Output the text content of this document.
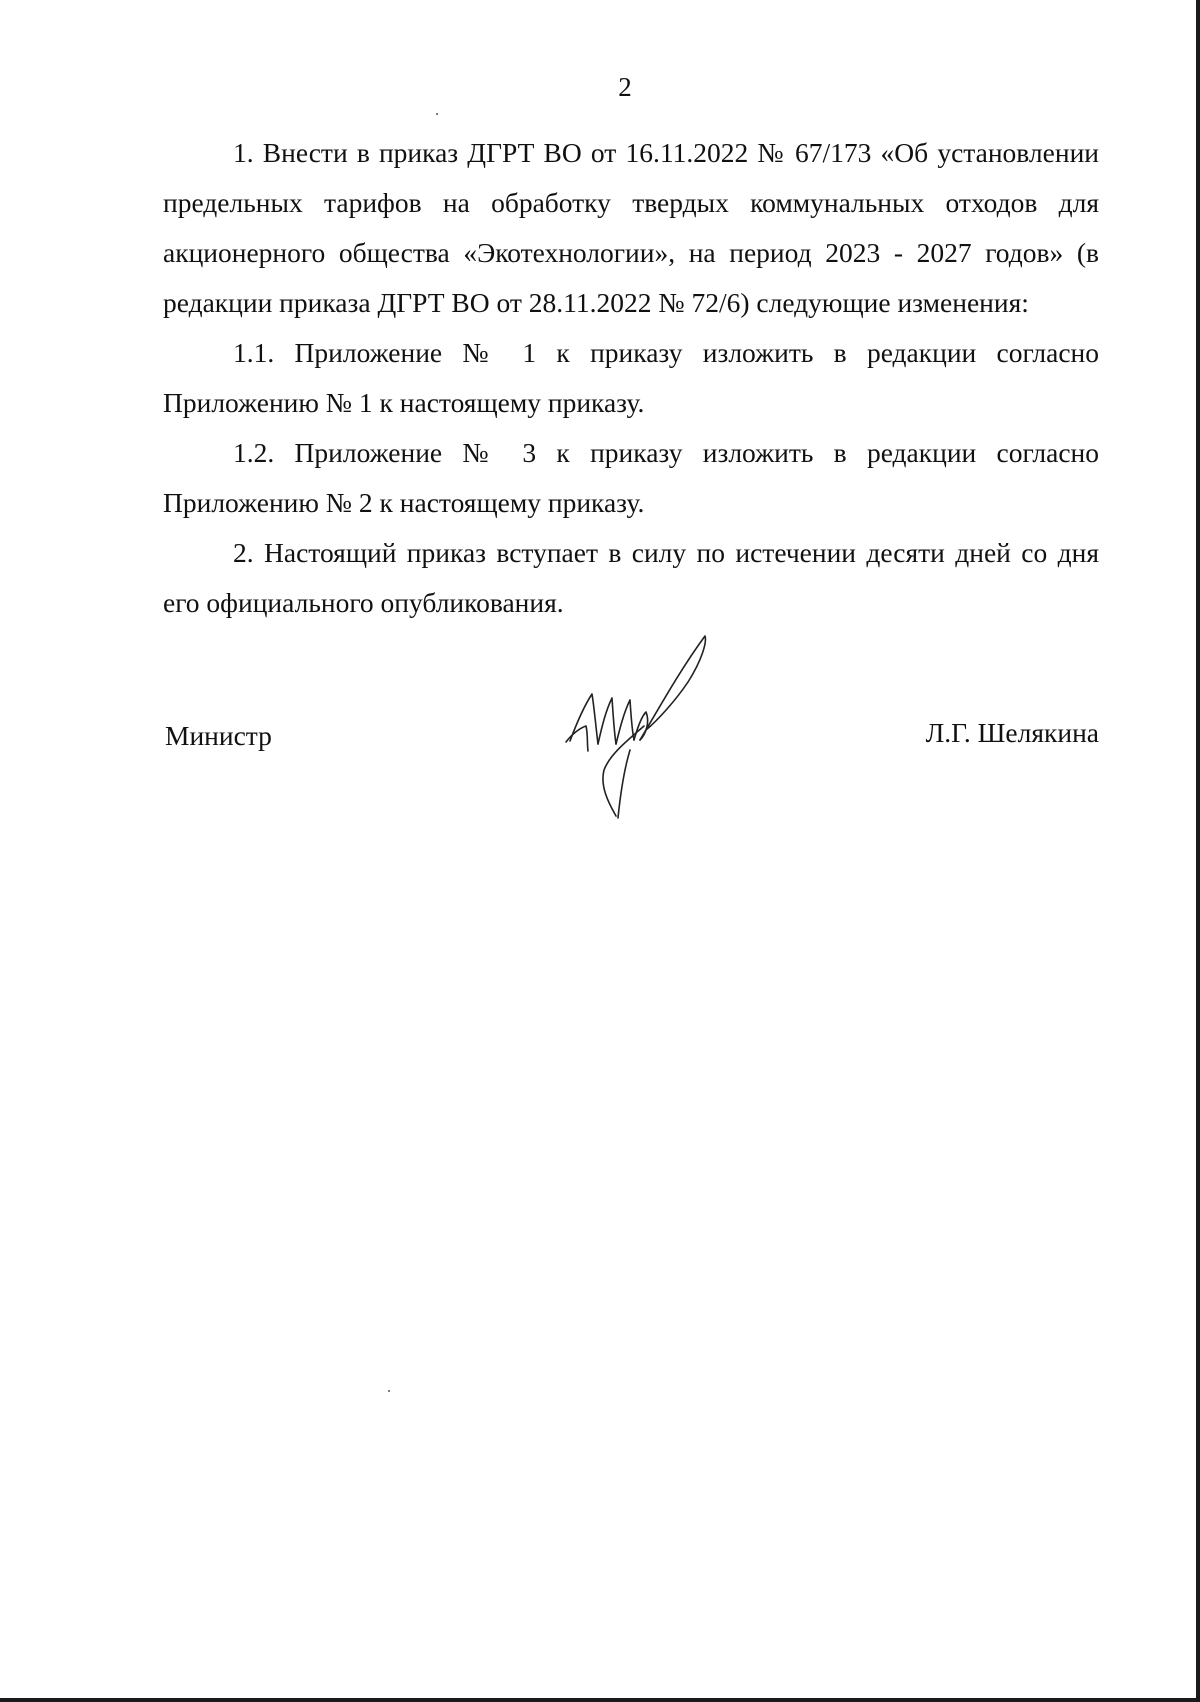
2

1. Внести в приказ ДГРТ ВО от 16.11.2022 № 67/173 «Об установлении предельных тарифов на обработку твердых коммунальных отходов для акционерного общества «Экотехнологии», на период 2023 - 2027 годов» (в редакции приказа ДГРТ ВО от 28.11.2022 № 72/6) следующие изменения:

1.1. Приложение № 1 к приказу изложить в редакции согласно Приложению № 1 к настоящему приказу.

1.2. Приложение № 3 к приказу изложить в редакции согласно Приложению № 2 к настоящему приказу.

2. Настоящий приказ вступает в силу по истечении десяти дней со дня его официального опубликования.

Министр	Л.Г. Шелякина
